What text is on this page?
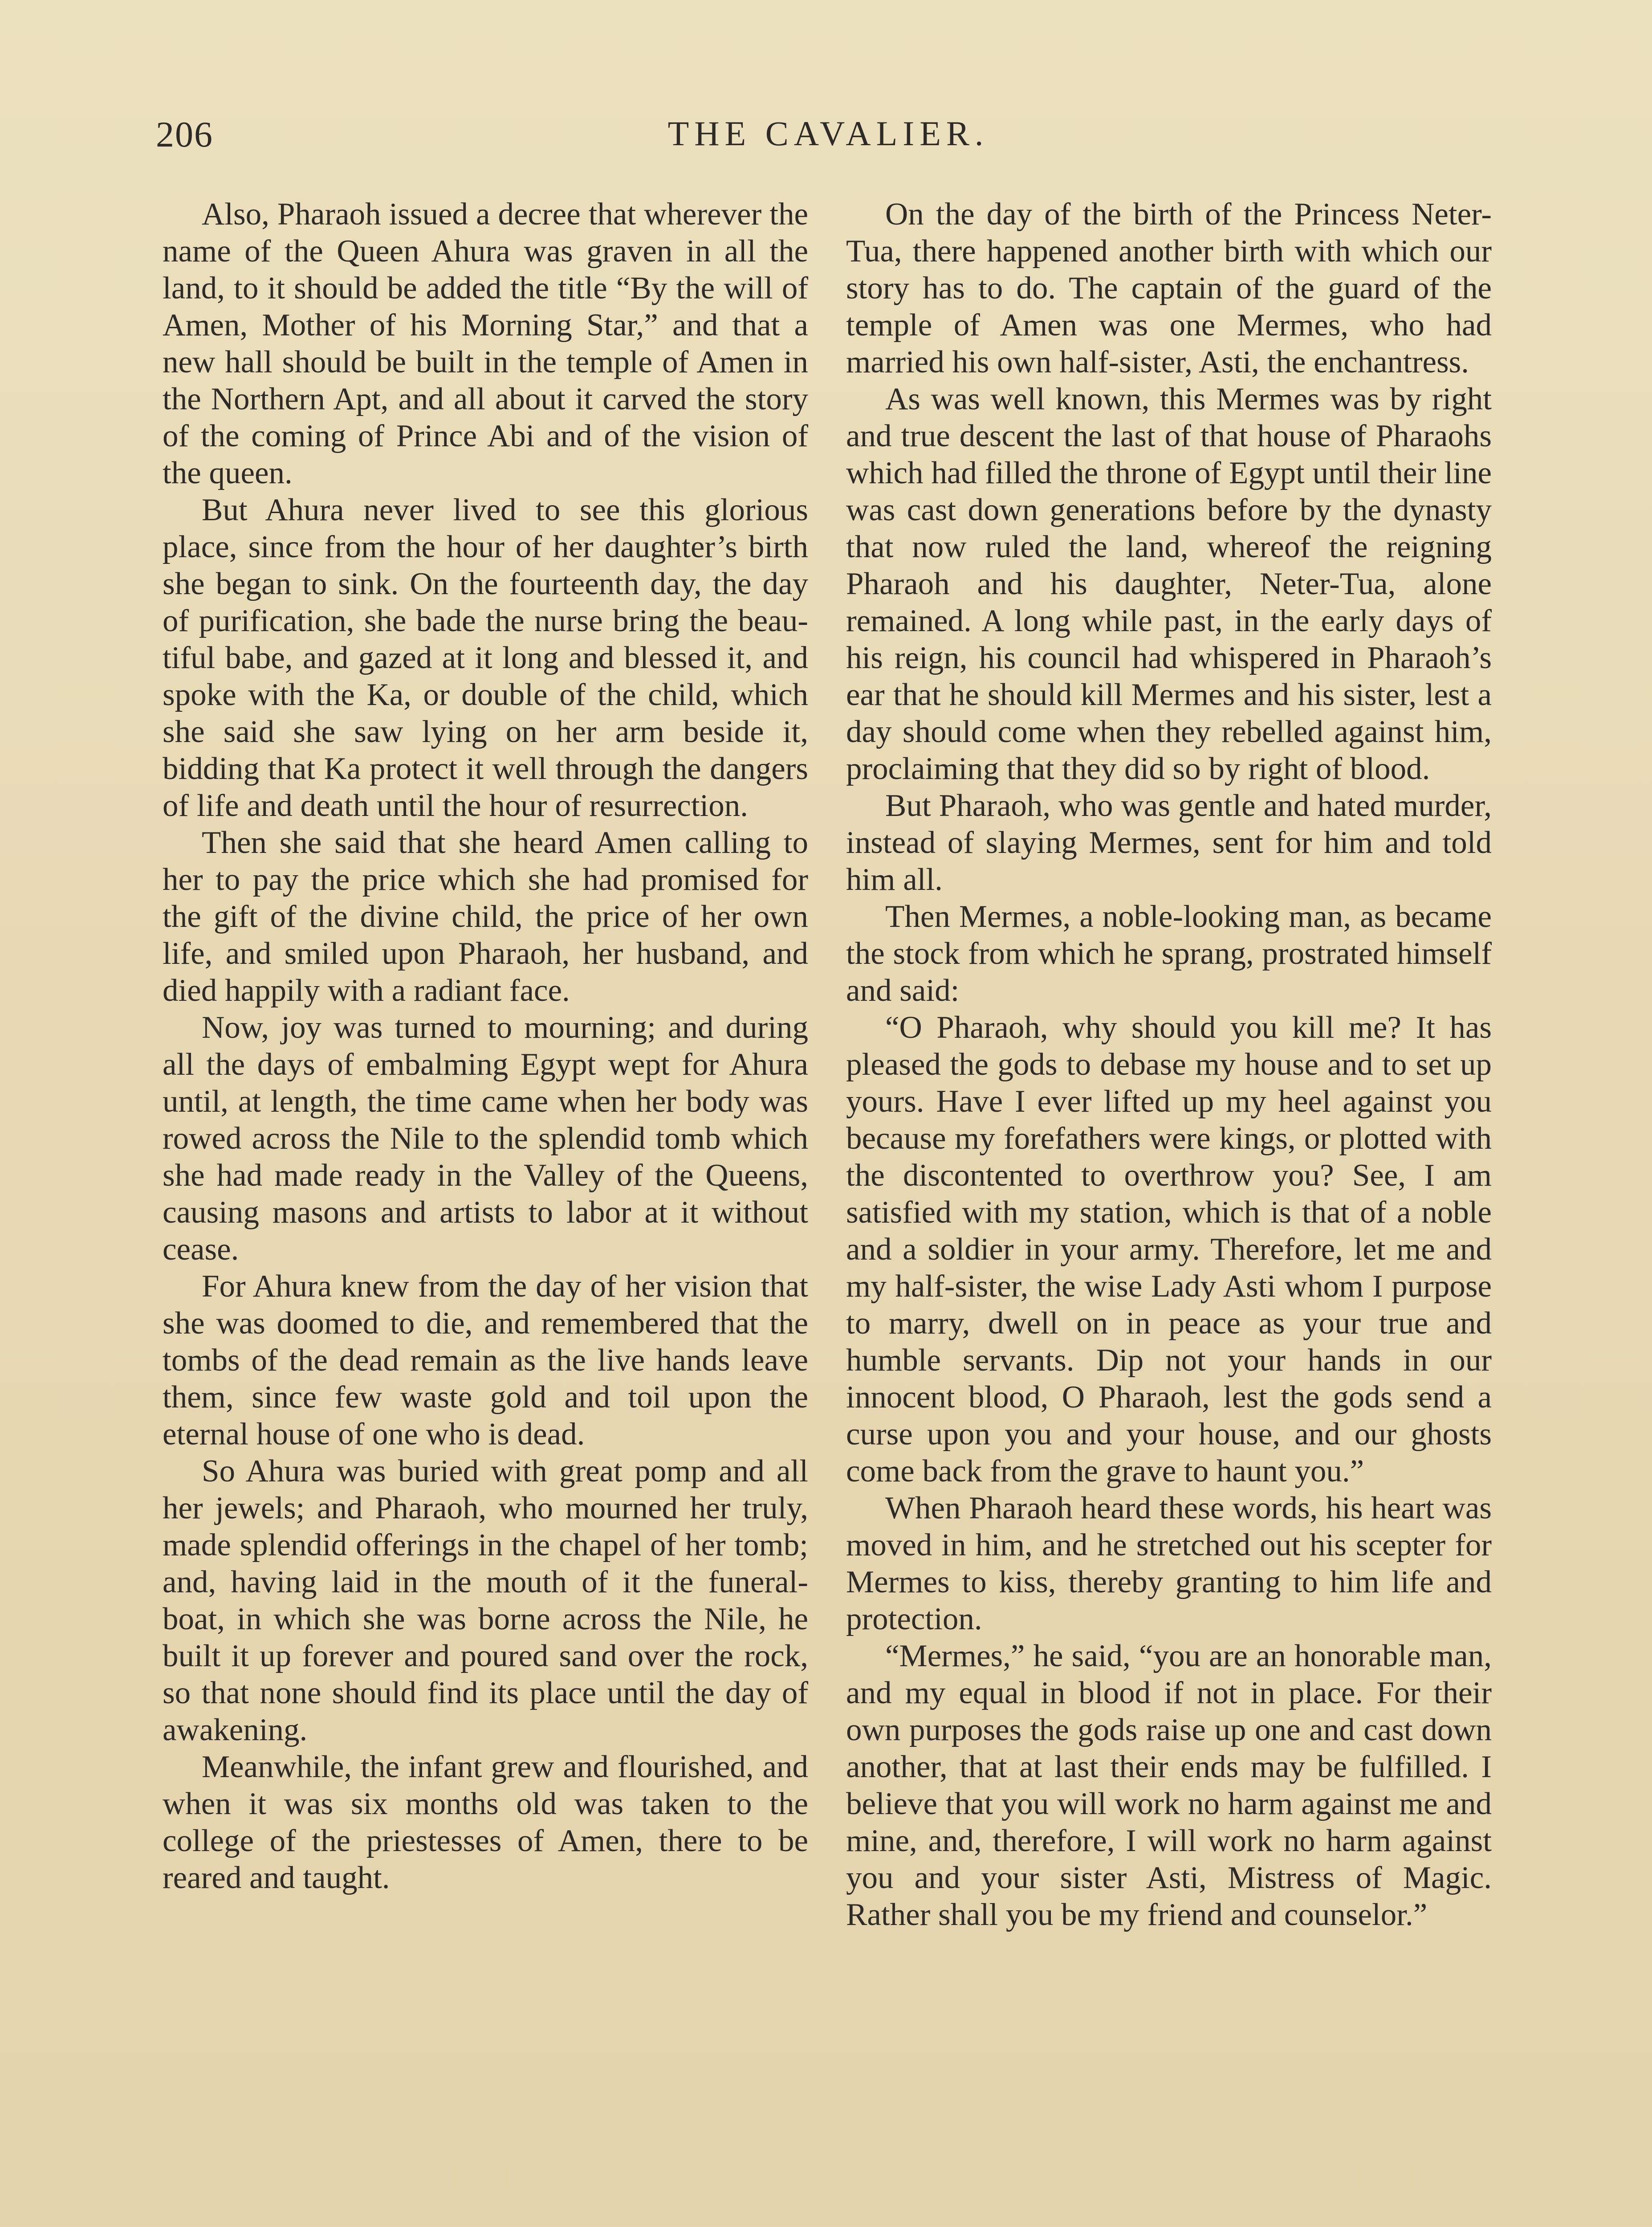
206	THE CAVALIER.

Also, Pharaoh issued a decree that wherever the name of the Queen Ahura was graven in all the land, to it should be added the title “By the will of Amen, Mother of his Morning Star,” and that a new hall should be built in the temple of Amen in the Northern Apt, and all about it carved the story of the coming of Prince Abi and of the vision of the queen.

But Ahura never lived to see this glorious place, since from the hour of her daughter’s birth she began to sink. On the fourteenth day, the day of purification, she bade the nurse bring the beautiful babe, and gazed at it long and blessed it, and spoke with the Ka, or double of the child, which she said she saw lying on her arm beside it, bidding that Ka protect it well through the dangers of life and death until the hour of resurrection.

Then she said that she heard Amen calling to her to pay the price which she had promised for the gift of the divine child, the price of her own life, and smiled upon Pharaoh, her husband, and died happily with a radiant face.

Now, joy was turned to mourning; and during all the days of embalming Egypt wept for Ahura until, at length, the time came when her body was rowed across the Nile to the splendid tomb which she had made ready in the Valley of the Queens, causing masons and artists to labor at it without cease.

For Ahura knew from the day of her vision that she was doomed to die, and remembered that the tombs of the dead remain as the live hands leave them, since few waste gold and toil upon the eternal house of one who is dead.

So Ahura was buried with great pomp and all her jewels; and Pharaoh, who mourned her truly, made splendid offerings in the chapel of her tomb; and, having laid in the mouth of it the funeral-boat, in which she was borne across the Nile, he built it up forever and poured sand over the rock, so that none should find its place until the day of awakening.

Meanwhile, the infant grew and flourished, and when it was six months old was taken to the college of the priestesses of Amen, there to be reared and taught.

On the day of the birth of the Princess Neter-Tua, there happened another birth with which our story has to do. The captain of the guard of the temple of Amen was one Mermes, who had married his own half-sister, Asti, the enchantress.

As was well known, this Mermes was by right and true descent the last of that house of Pharaohs which had filled the throne of Egypt until their line was cast down generations before by the dynasty that now ruled the land, whereof the reigning Pharaoh and his daughter, Neter-Tua, alone remained. A long while past, in the early days of his reign, his council had whispered in Pharaoh’s ear that he should kill Mermes and his sister, lest a day should come when they rebelled against him, proclaiming that they did so by right of blood.

But Pharaoh, who was gentle and hated murder, instead of slaying Mermes, sent for him and told him all.

Then Mermes, a noble-looking man, as became the stock from which he sprang, prostrated himself and said:

“O Pharaoh, why should you kill me? It has pleased the gods to debase my house and to set up yours. Have I ever lifted up my heel against you because my forefathers were kings, or plotted with the discontented to overthrow you? See, I am satisfied with my station, which is that of a noble and a soldier in your army. Therefore, let me and my half-sister, the wise Lady Asti whom I purpose to marry, dwell on in peace as your true and humble servants. Dip not your hands in our innocent blood, O Pharaoh, lest the gods send a curse upon you and your house, and our ghosts come back from the grave to haunt you.”

When Pharaoh heard these words, his heart was moved in him, and he stretched out his scepter for Mermes to kiss, thereby granting to him life and protection.

“Mermes,” he said, “you are an honorable man, and my equal in blood if not in place. For their own purposes the gods raise up one and cast down another, that at last their ends may be fulfilled. I believe that you will work no harm against me and mine, and, therefore, I will work no harm against you and your sister Asti, Mistress of Magic. Rather shall you be my friend and counselor.”
